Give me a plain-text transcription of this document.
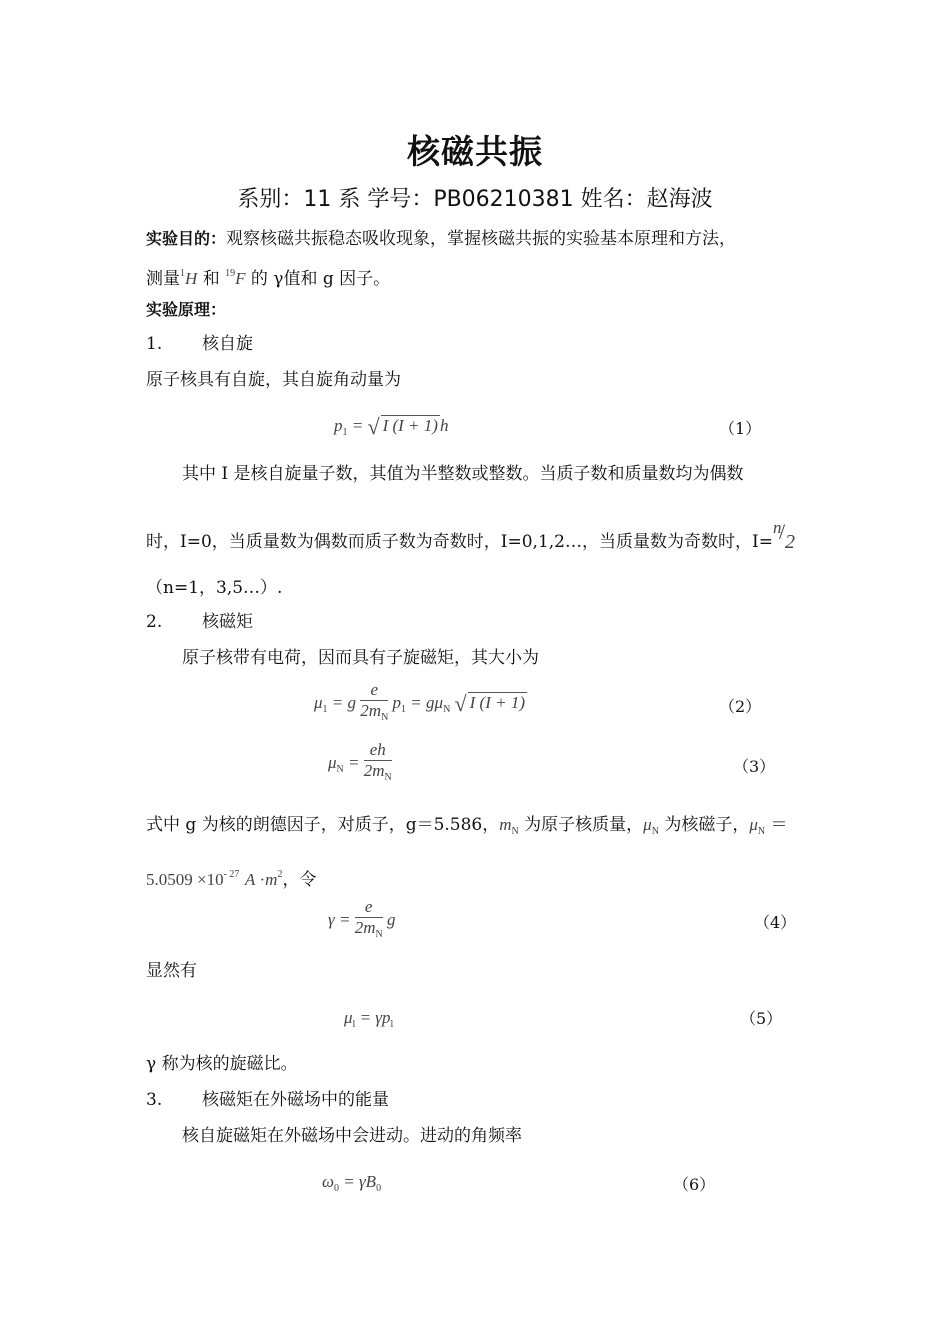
核磁共振
系别：11 系 学号：PB06210381 姓名：赵海波
实验目的：观察核磁共振稳态吸收现象，掌握核磁共振的实验基本原理和方法，
测量$^1$H 和 $^{19}$F 的 γ值和 g 因子。
实验原理：
1. 核自旋
原子核具有自旋，其自旋角动量为
$p_1$ = √ I (I + 1) h	（1）
其中 I 是核自旋量子数，其值为半整数或整数。当质子数和质量数均为偶数
时，I=0，当质量数为偶数而质子数为奇数时，I=0,1,2…，当质量数为奇数时，I=
n
/ 2
（n=1，3,5…）.
2. 核磁矩
原子核带有电荷，因而具有子旋磁矩，其大小为
$\mu_1 = g \frac{e}{2m_N} p_1 = g\mu_N$ √ I (I + 1)	（2）
$\mu_N = \frac{eh}{2m_N}$	（3）
式中 g 为核的朗德因子，对质子，g＝5.586，$m_N$ 为原子核质量，$\mu_N$ 为核磁子，$\mu_N$ ＝
$5.0509 \times 10^{- 27}$ $A \cdot m^2$，令
$\gamma = \frac{e}{2m_N}$ g	（4）
显然有
$\mu_l = \gamma p_l$	（5）
γ 称为核的旋磁比。
3. 核磁矩在外磁场中的能量
核自旋磁矩在外磁场中会进动。进动的角频率
$\omega_0 = \gamma B_0$	（6）
